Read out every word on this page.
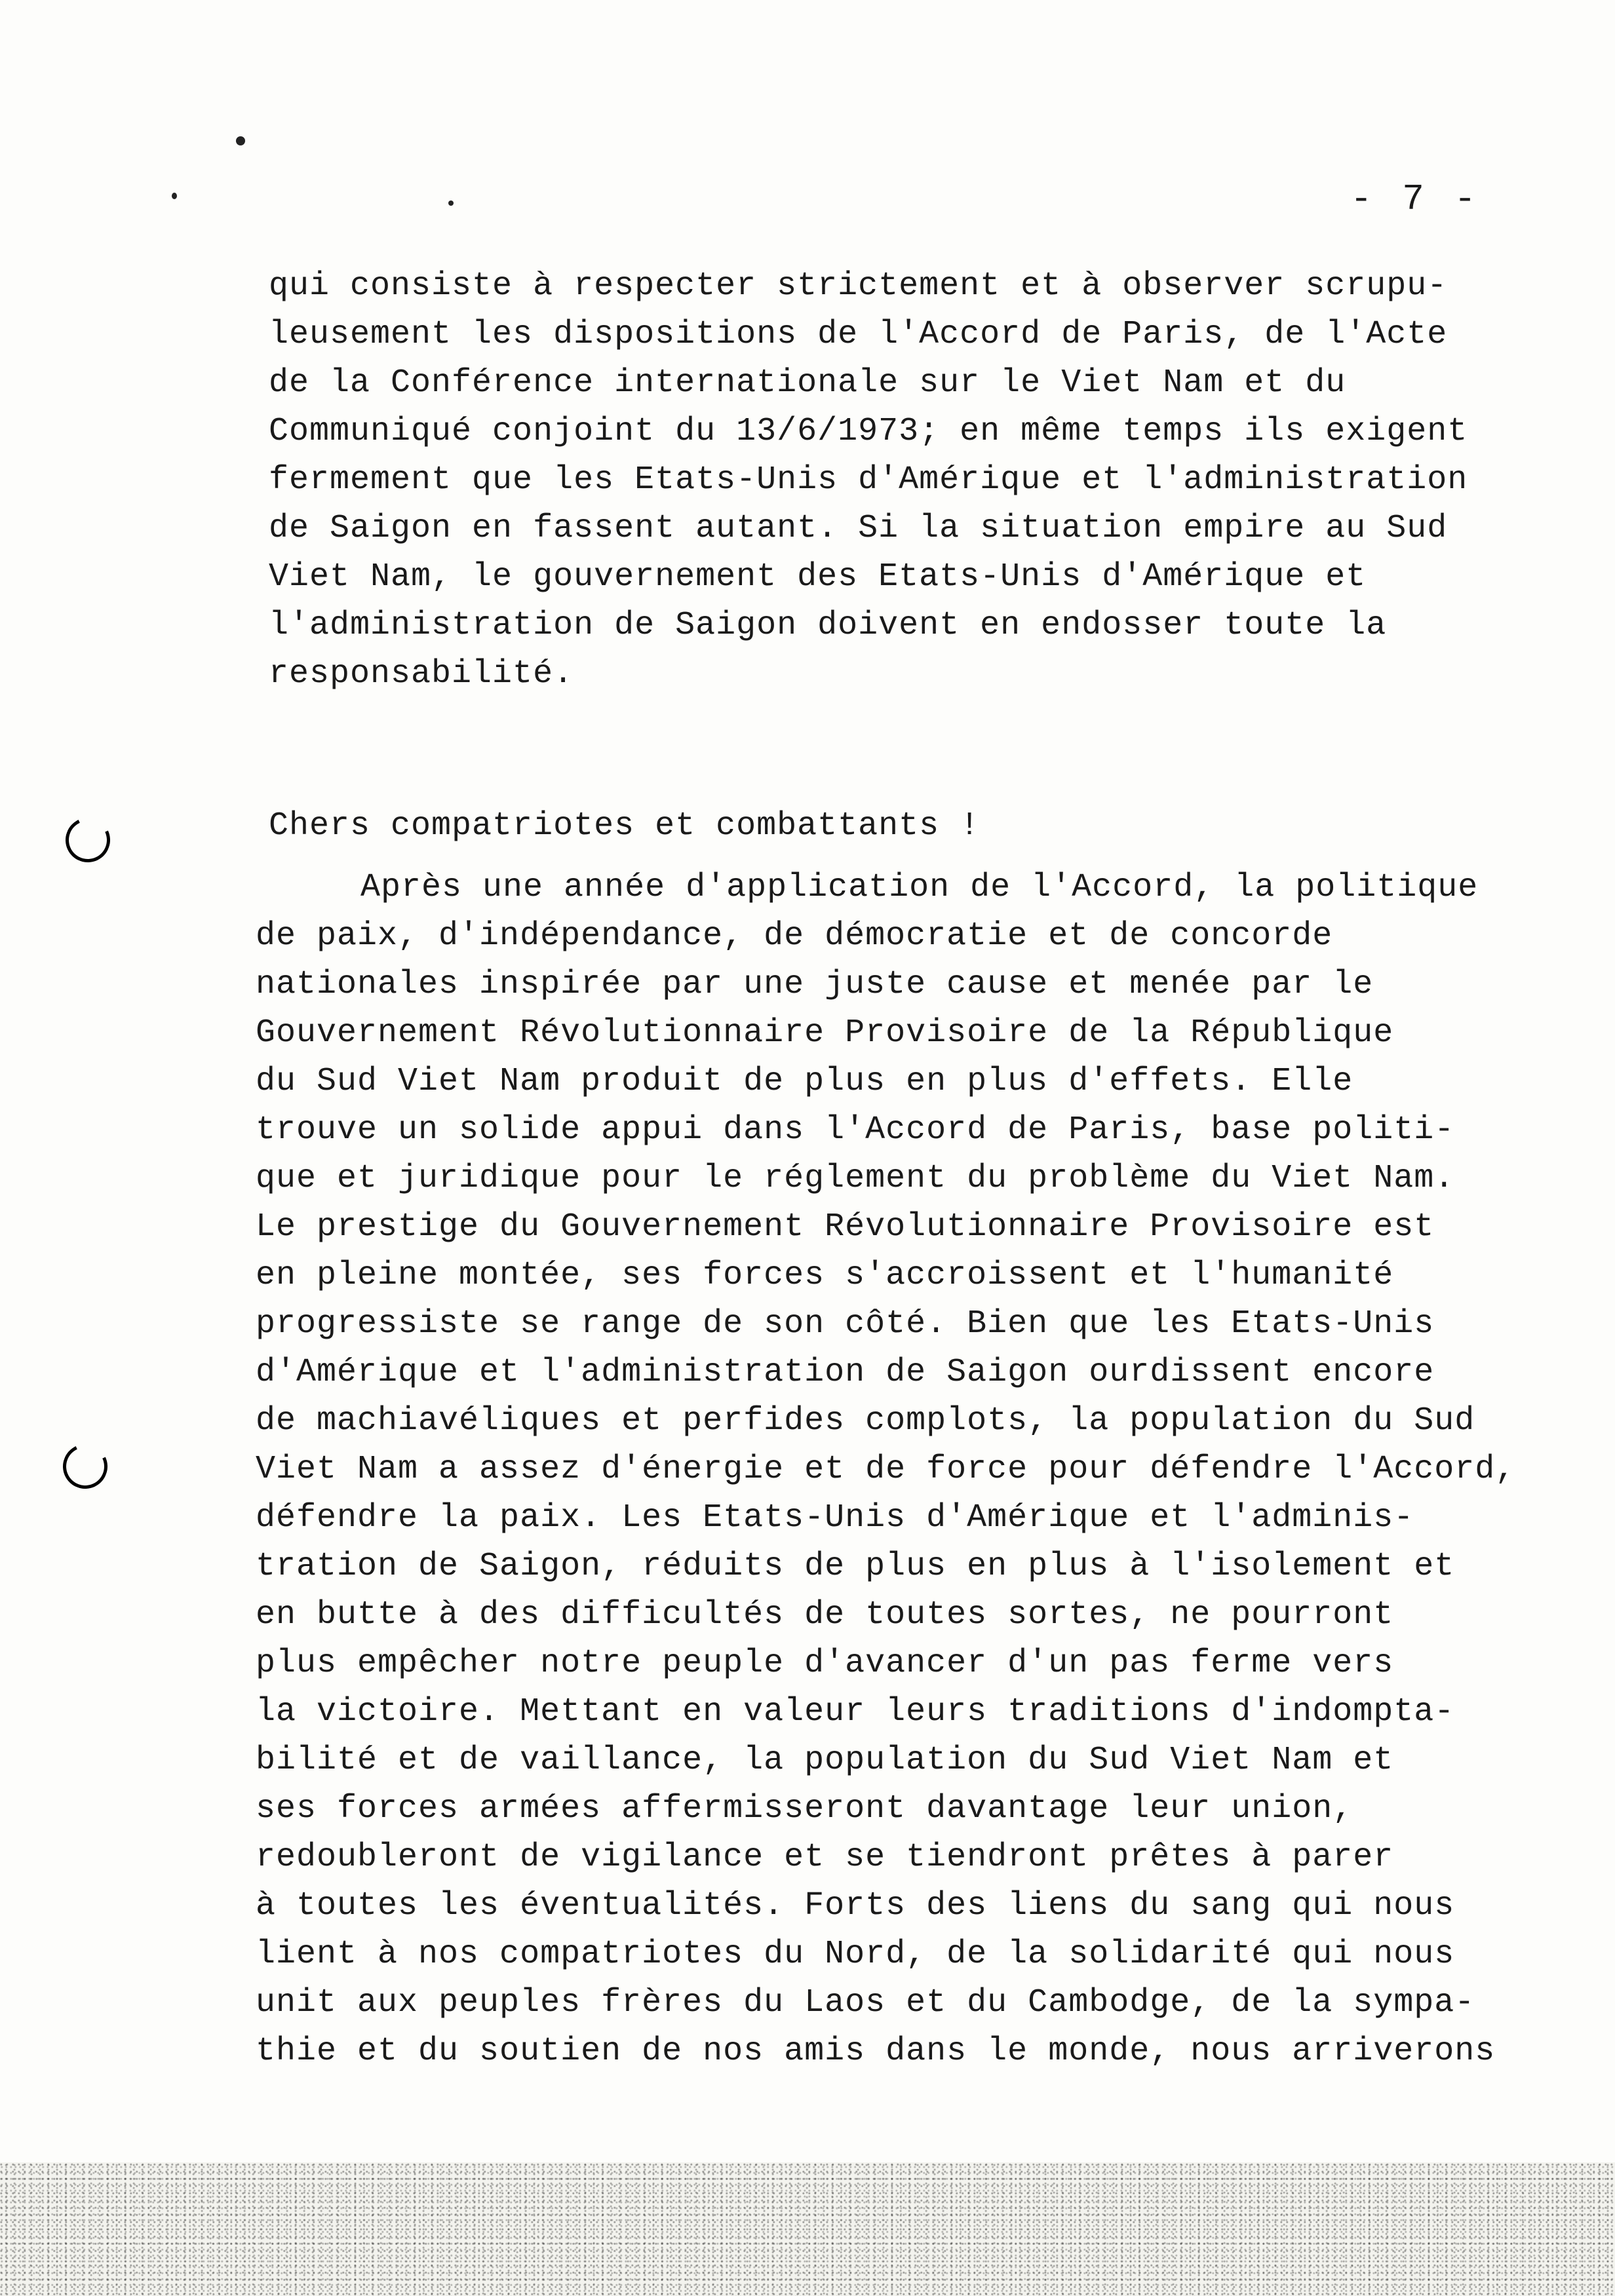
- 7 -
qui consiste à respecter strictement et à observer scrupu-
leusement les dispositions de l'Accord de Paris, de l'Acte
de la Conférence internationale sur le Viet Nam et du
Communiqué conjoint du 13/6/1973; en même temps ils exigent
fermement que les Etats-Unis d'Amérique et l'administration
de Saigon en fassent autant. Si la situation empire au Sud
Viet Nam, le gouvernement des Etats-Unis d'Amérique et
l'administration de Saigon doivent en endosser toute la
responsabilité.
Chers compatriotes et combattants !
Après une année d'application de l'Accord, la politique
de paix, d'indépendance, de démocratie et de concorde
nationales inspirée par une juste cause et menée par le
Gouvernement Révolutionnaire Provisoire de la République
du Sud Viet Nam produit de plus en plus d'effets. Elle
trouve un solide appui dans l'Accord de Paris, base politi-
que et juridique pour le réglement du problème du Viet Nam.
Le prestige du Gouvernement Révolutionnaire Provisoire est
en pleine montée, ses forces s'accroissent et l'humanité
progressiste se range de son côté. Bien que les Etats-Unis
d'Amérique et l'administration de Saigon ourdissent encore
de machiavéliques et perfides complots, la population du Sud
Viet Nam a assez d'énergie et de force pour défendre l'Accord,
défendre la paix. Les Etats-Unis d'Amérique et l'adminis-
tration de Saigon, réduits de plus en plus à l'isolement et
en butte à des difficultés de toutes sortes, ne pourront
plus empêcher notre peuple d'avancer d'un pas ferme vers
la victoire. Mettant en valeur leurs traditions d'indompta-
bilité et de vaillance, la population du Sud Viet Nam et
ses forces armées affermisseront davantage leur union,
redoubleront de vigilance et se tiendront prêtes à parer
à toutes les éventualités. Forts des liens du sang qui nous
lient à nos compatriotes du Nord, de la solidarité qui nous
unit aux peuples frères du Laos et du Cambodge, de la sympa-
thie et du soutien de nos amis dans le monde, nous arriverons
